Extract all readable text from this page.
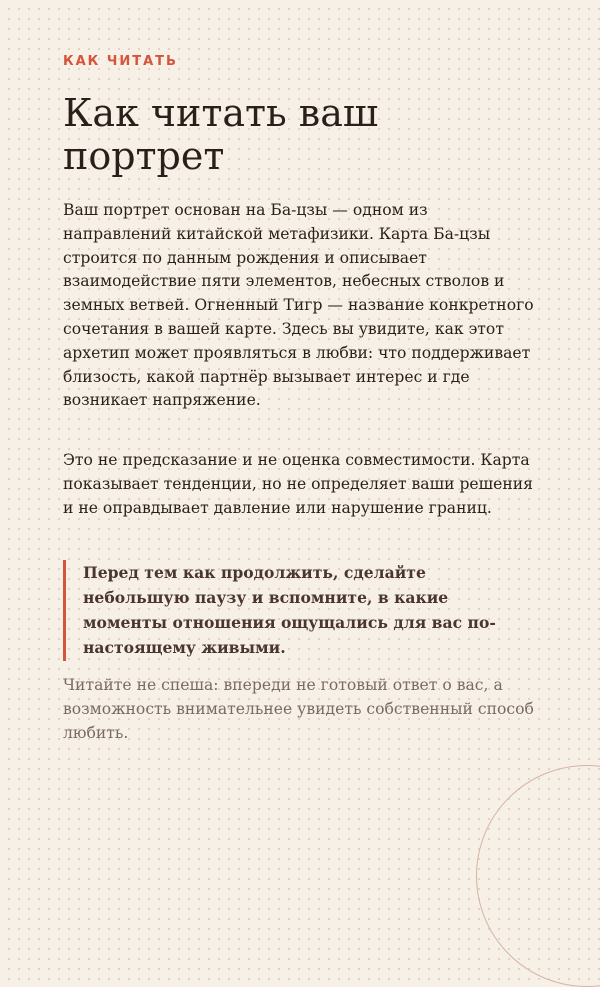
КАК ЧИТАТЬ

Как читать ваш портрет

Ваш портрет основан на Ба-цзы — одном из направлений китайской метафизики. Карта Ба-цзы строится по данным рождения и описывает взаимодействие пяти элементов, небесных стволов и земных ветвей. Огненный Тигр — название конкретного сочетания в вашей карте. Здесь вы увидите, как этот архетип может проявляться в любви: что поддерживает близость, какой партнёр вызывает интерес и где возникает напряжение.

Это не предсказание и не оценка совместимости. Карта показывает тенденции, но не определяет ваши решения и не оправдывает давление или нарушение границ.

Перед тем как продолжить, сделайте небольшую паузу и вспомните, в какие моменты отношения ощущались для вас по-настоящему живыми.

Читайте не спеша: впереди не готовый ответ о вас, а возможность внимательнее увидеть собственный способ любить.
